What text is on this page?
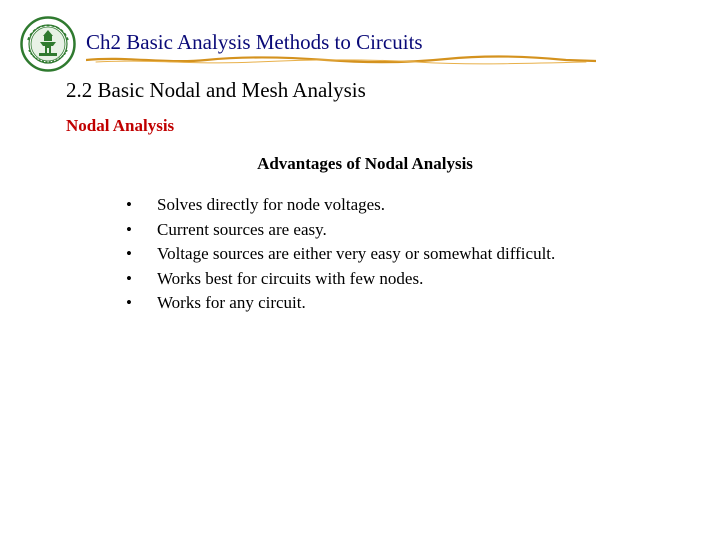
Ch2 Basic Analysis Methods to Circuits
2.2 Basic Nodal and Mesh Analysis
Nodal Analysis
Advantages of Nodal Analysis
•	Solves directly for node voltages.
•	Current sources are easy.
•	Voltage sources are either very easy or somewhat difficult.
•	Works best for circuits with few nodes.
•	Works for any circuit.
